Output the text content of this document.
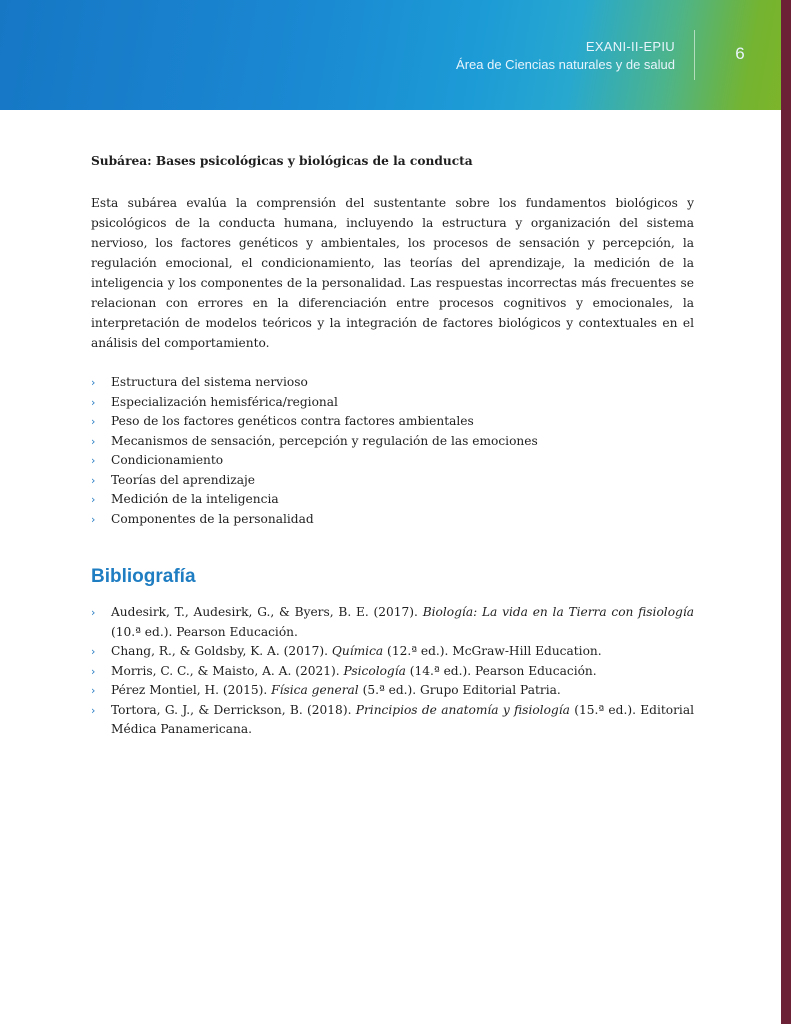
EXANI-II-EPIU
Área de Ciencias naturales y de salud
6
Subárea: Bases psicológicas y biológicas de la conducta

Esta subárea evalúa la comprensión del sustentante sobre los fundamentos biológicos y psicológicos de la conducta humana, incluyendo la estructura y organización del sistema nervioso, los factores genéticos y ambientales, los procesos de sensación y percepción, la regulación emocional, el condicionamiento, las teorías del aprendizaje, la medición de la inteligencia y los componentes de la personalidad. Las respuestas incorrectas más frecuentes se relacionan con errores en la diferenciación entre procesos cognitivos y emocionales, la interpretación de modelos teóricos y la integración de factores biológicos y contextuales en el análisis del comportamiento.

› Estructura del sistema nervioso
› Especialización hemisférica/regional
› Peso de los factores genéticos contra factores ambientales
› Mecanismos de sensación, percepción y regulación de las emociones
› Condicionamiento
› Teorías del aprendizaje
› Medición de la inteligencia
› Componentes de la personalidad
Bibliografía
› Audesirk, T., Audesirk, G., & Byers, B. E. (2017). Biología: La vida en la Tierra con fisiología (10.ª ed.). Pearson Educación.
› Chang, R., & Goldsby, K. A. (2017). Química (12.ª ed.). McGraw-Hill Education.
› Morris, C. C., & Maisto, A. A. (2021). Psicología (14.ª ed.). Pearson Educación.
› Pérez Montiel, H. (2015). Física general (5.ª ed.). Grupo Editorial Patria.
› Tortora, G. J., & Derrickson, B. (2018). Principios de anatomía y fisiología (15.ª ed.). Editorial Médica Panamericana.
